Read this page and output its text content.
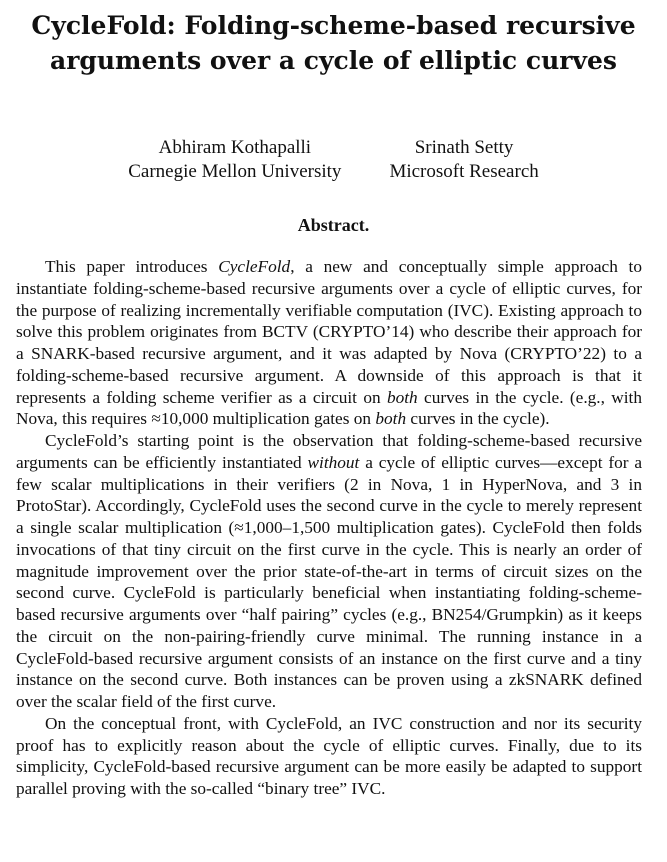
CycleFold: Folding-scheme-based recursive
arguments over a cycle of elliptic curves
Abhiram Kothapalli
Carnegie Mellon University
Srinath Setty
Microsoft Research
Abstract.

This paper introduces CycleFold, a new and conceptually simple approach to instantiate folding-scheme-based recursive arguments over a cycle of elliptic curves, for the purpose of realizing incrementally verifiable computation (IVC). Existing approach to solve this problem originates from BCTV (CRYPTO’14) who describe their approach for a SNARK-based recursive argument, and it was adapted by Nova (CRYPTO’22) to a folding-scheme-based recursive argument. A downside of this approach is that it represents a folding scheme verifier as a circuit on both curves in the cycle. (e.g., with Nova, this requires ≈10,000 multiplication gates on both curves in the cycle).

CycleFold’s starting point is the observation that folding-scheme-based recursive arguments can be efficiently instantiated without a cycle of elliptic curves—except for a few scalar multiplications in their verifiers (2 in Nova, 1 in HyperNova, and 3 in ProtoStar). Accordingly, CycleFold uses the second curve in the cycle to merely represent a single scalar multiplication (≈1,000–1,500 multiplication gates). CycleFold then folds invocations of that tiny circuit on the first curve in the cycle. This is nearly an order of magnitude improvement over the prior state-of-the-art in terms of circuit sizes on the second curve. CycleFold is particularly beneficial when instantiating folding-scheme-based recursive arguments over “half pairing” cycles (e.g., BN254/Grumpkin) as it keeps the circuit on the non-pairing-friendly curve minimal. The running instance in a CycleFold-based recursive argument consists of an instance on the first curve and a tiny instance on the second curve. Both instances can be proven using a zkSNARK defined over the scalar field of the first curve.

On the conceptual front, with CycleFold, an IVC construction and nor its security proof has to explicitly reason about the cycle of elliptic curves. Finally, due to its simplicity, CycleFold-based recursive argument can be more easily be adapted to support parallel proving with the so-called “binary tree” IVC.
